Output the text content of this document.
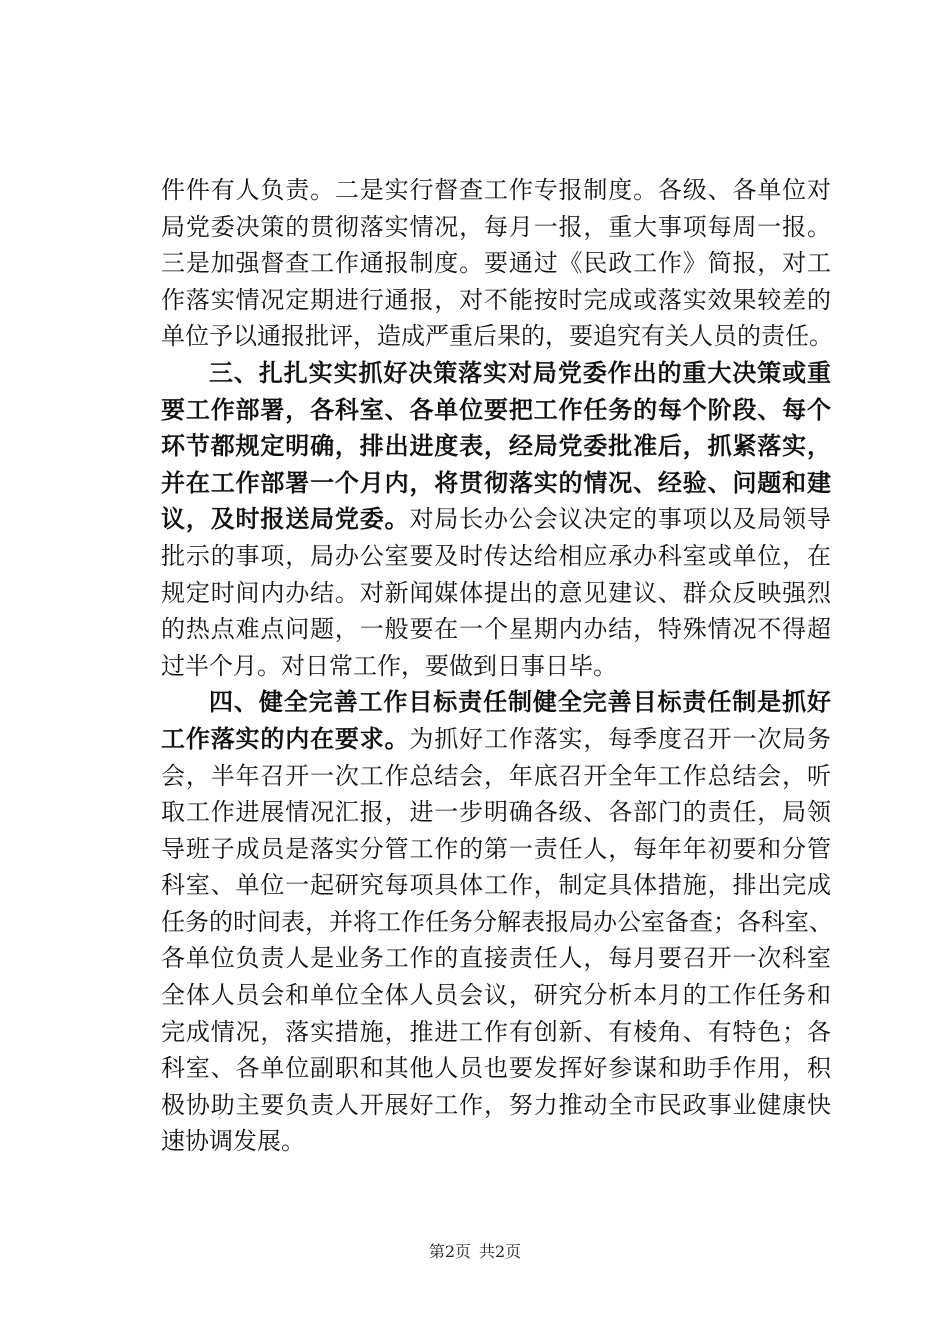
件件有人负责。二是实行督查工作专报制度。各级、各单位对
局党委决策的贯彻落实情况，每月一报，重大事项每周一报。
三是加强督查工作通报制度。要通过《民政工作》简报，对工
作落实情况定期进行通报，对不能按时完成或落实效果较差的
单位予以通报批评，造成严重后果的，要追究有关人员的责任。
三、扎扎实实抓好决策落实对局党委作出的重大决策或重
要工作部署，各科室、各单位要把工作任务的每个阶段、每个
环节都规定明确，排出进度表，经局党委批准后，抓紧落实，
并在工作部署一个月内，将贯彻落实的情况、经验、问题和建
议，及时报送局党委。对局长办公会议决定的事项以及局领导
批示的事项，局办公室要及时传达给相应承办科室或单位，在
规定时间内办结。对新闻媒体提出的意见建议、群众反映强烈
的热点难点问题，一般要在一个星期内办结，特殊情况不得超
过半个月。对日常工作，要做到日事日毕。
四、健全完善工作目标责任制健全完善目标责任制是抓好
工作落实的内在要求。为抓好工作落实，每季度召开一次局务
会，半年召开一次工作总结会，年底召开全年工作总结会，听
取工作进展情况汇报，进一步明确各级、各部门的责任，局领
导班子成员是落实分管工作的第一责任人，每年年初要和分管
科室、单位一起研究每项具体工作，制定具体措施，排出完成
任务的时间表，并将工作任务分解表报局办公室备查；各科室、
各单位负责人是业务工作的直接责任人，每月要召开一次科室
全体人员会和单位全体人员会议，研究分析本月的工作任务和
完成情况，落实措施，推进工作有创新、有棱角、有特色；各
科室、各单位副职和其他人员也要发挥好参谋和助手作用，积
极协助主要负责人开展好工作，努力推动全市民政事业健康快
速协调发展。
第2页 共2页
